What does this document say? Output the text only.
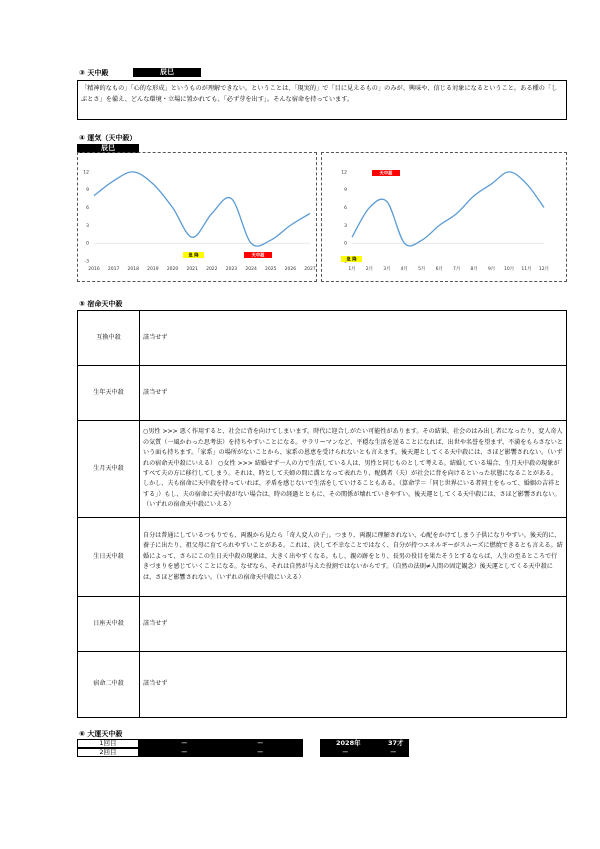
③ 天中殿	辰巳
「精神的なもの」「心的な形成」というものが理解できない。ということは、「現実的」で「目に見えるもの」のみが、興味や、信じる対象になるということ。ある種の「しぶとさ」を備え、どんな環境・立場に置かれても、「必ず芽を出す」。そんな宿命を持っています。
④ 運気（天中殺）
辰巳
-3
0
3
6
9
12
2016 2017 2018 2019 2020 2021 2022 2023 2024 2025 2026 2027
急 降	天中殺
0
3
6
9
12
1月 2月 3月 4月 5月 6月 7月 8月 9月 10月 11月 12月
急 降
天中殺
⑤ 宿命天中殺
互換中殺	該当せず
生年天中殺	該当せず
生月天中殺	○男性 >>> 悪く作用すると、社会に背を向けてしまいます。時代に迎合しがたい可能性があります。その結果、社会のはみ出し者になったり、変人奇人の気質（一風かわった思考法）を持ちやすいことになる。サラリーマンなど、平穏な生活を送ることになれば、出世や名誉を望まず、不満をもらさないという面も持ちます。「家系」の場所がないことから、家系の恩恵を受けられないとも言えます。後天運としてくる天中殺には、さほど影響されない。（いずれの宿命天中殺にいえる） ○女性 >>> 結婚せず一人の力で生活している人は、男性と同じものとして考える。結婚している場合、生月天中殺の現象がすべて夫の方に移行してしまう。それは、時として夫婦の間に溝となって表れたり、配偶者（夫）が社会に背を向けるといった状態になることがある。しかし、夫も宿命に天中殺を持っていれば、矛盾を感じないで生活をしていけることもある。（算命学＝「同じ世界にいる者同士をもって、婚姻の吉祥とする」）もし、夫の宿命に天中殺がない場合は、時の経過とともに、その関係が壊れていきやすい。後天運としてくる天中殺には、さほど影響されない。（いずれの宿命天中殺にいえる）
生日天中殺	自分は普通にしているつもりでも、両親から見たら「奇人変人の子」。つまり、両親に理解されない、心配をかけてしまう子供になりやすい。後天的に、養子に出たり、祖父母に育てられやすいことがある。これは、決して不幸なことではなく、自分が持つエネルギーがスムーズに燃焼できるとも言える。結婚によって、さらにこの生日天中殺の現象は、大きく出やすくなる。もし、親の跡をとり、長男の役目を果たそうとするならば、人生の至るところで行きづまりを感じていくことになる。なぜなら、それは自然が与えた役割ではないからです。（自然の法則≠人間の固定観念）後天運としてくる天中殺には、さほど影響されない。（いずれの宿命天中殺にいえる）
日座天中殺	該当せず
宿命二中殺	該当せず
⑥ 大運天中殺
1回目	－	－	～	2028年	37才
2回目	－	－	～	－	－
